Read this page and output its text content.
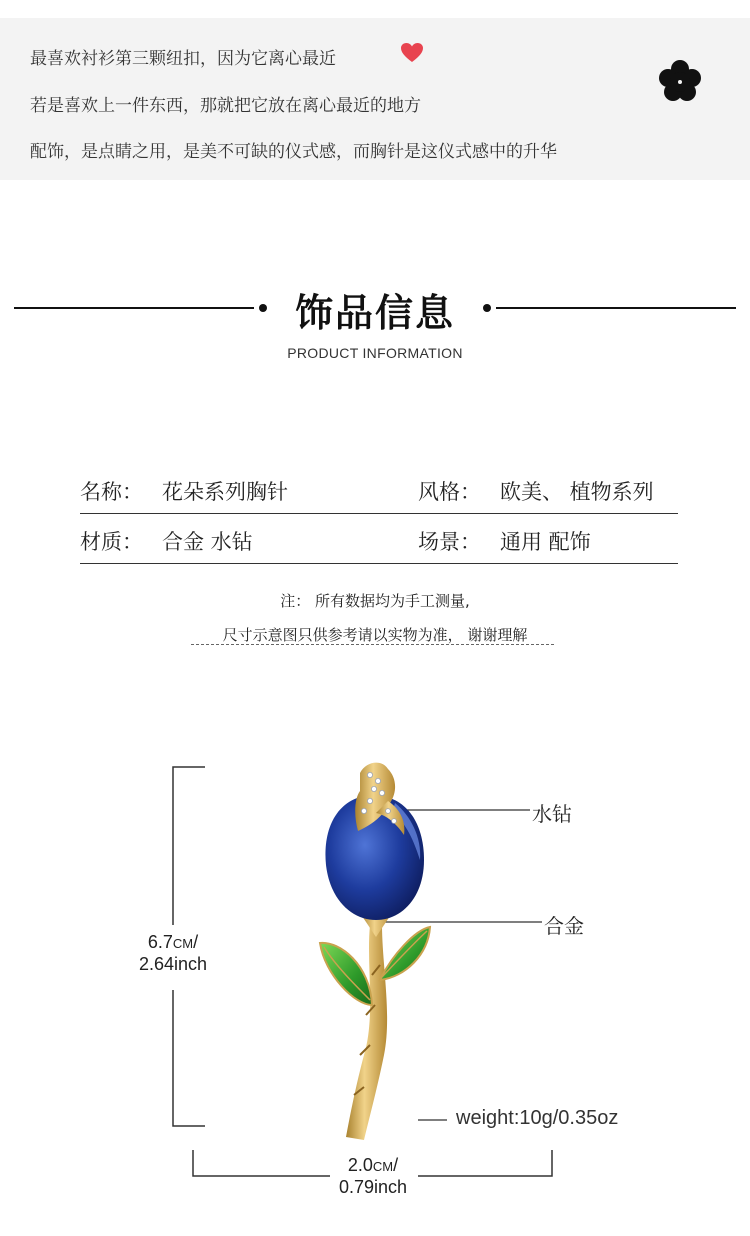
最喜欢衬衫第三颗纽扣，因为它离心最近
若是喜欢上一件东西，那就把它放在离心最近的地方
配饰，是点睛之用，是美不可缺的仪式感，而胸针是这仪式感中的升华
饰品信息
PRODUCT INFORMATION
名称： 花朵系列胸针	风格： 欧美、 植物系列
材质： 合金 水钻	场景： 通用 配饰
注： 所有数据均为手工测量,
尺寸示意图只供参考请以实物为准， 谢谢理解
6.7CM/
2.64inch
2.0CM/
0.79inch
水钻
合金
weight:10g/0.35oz
